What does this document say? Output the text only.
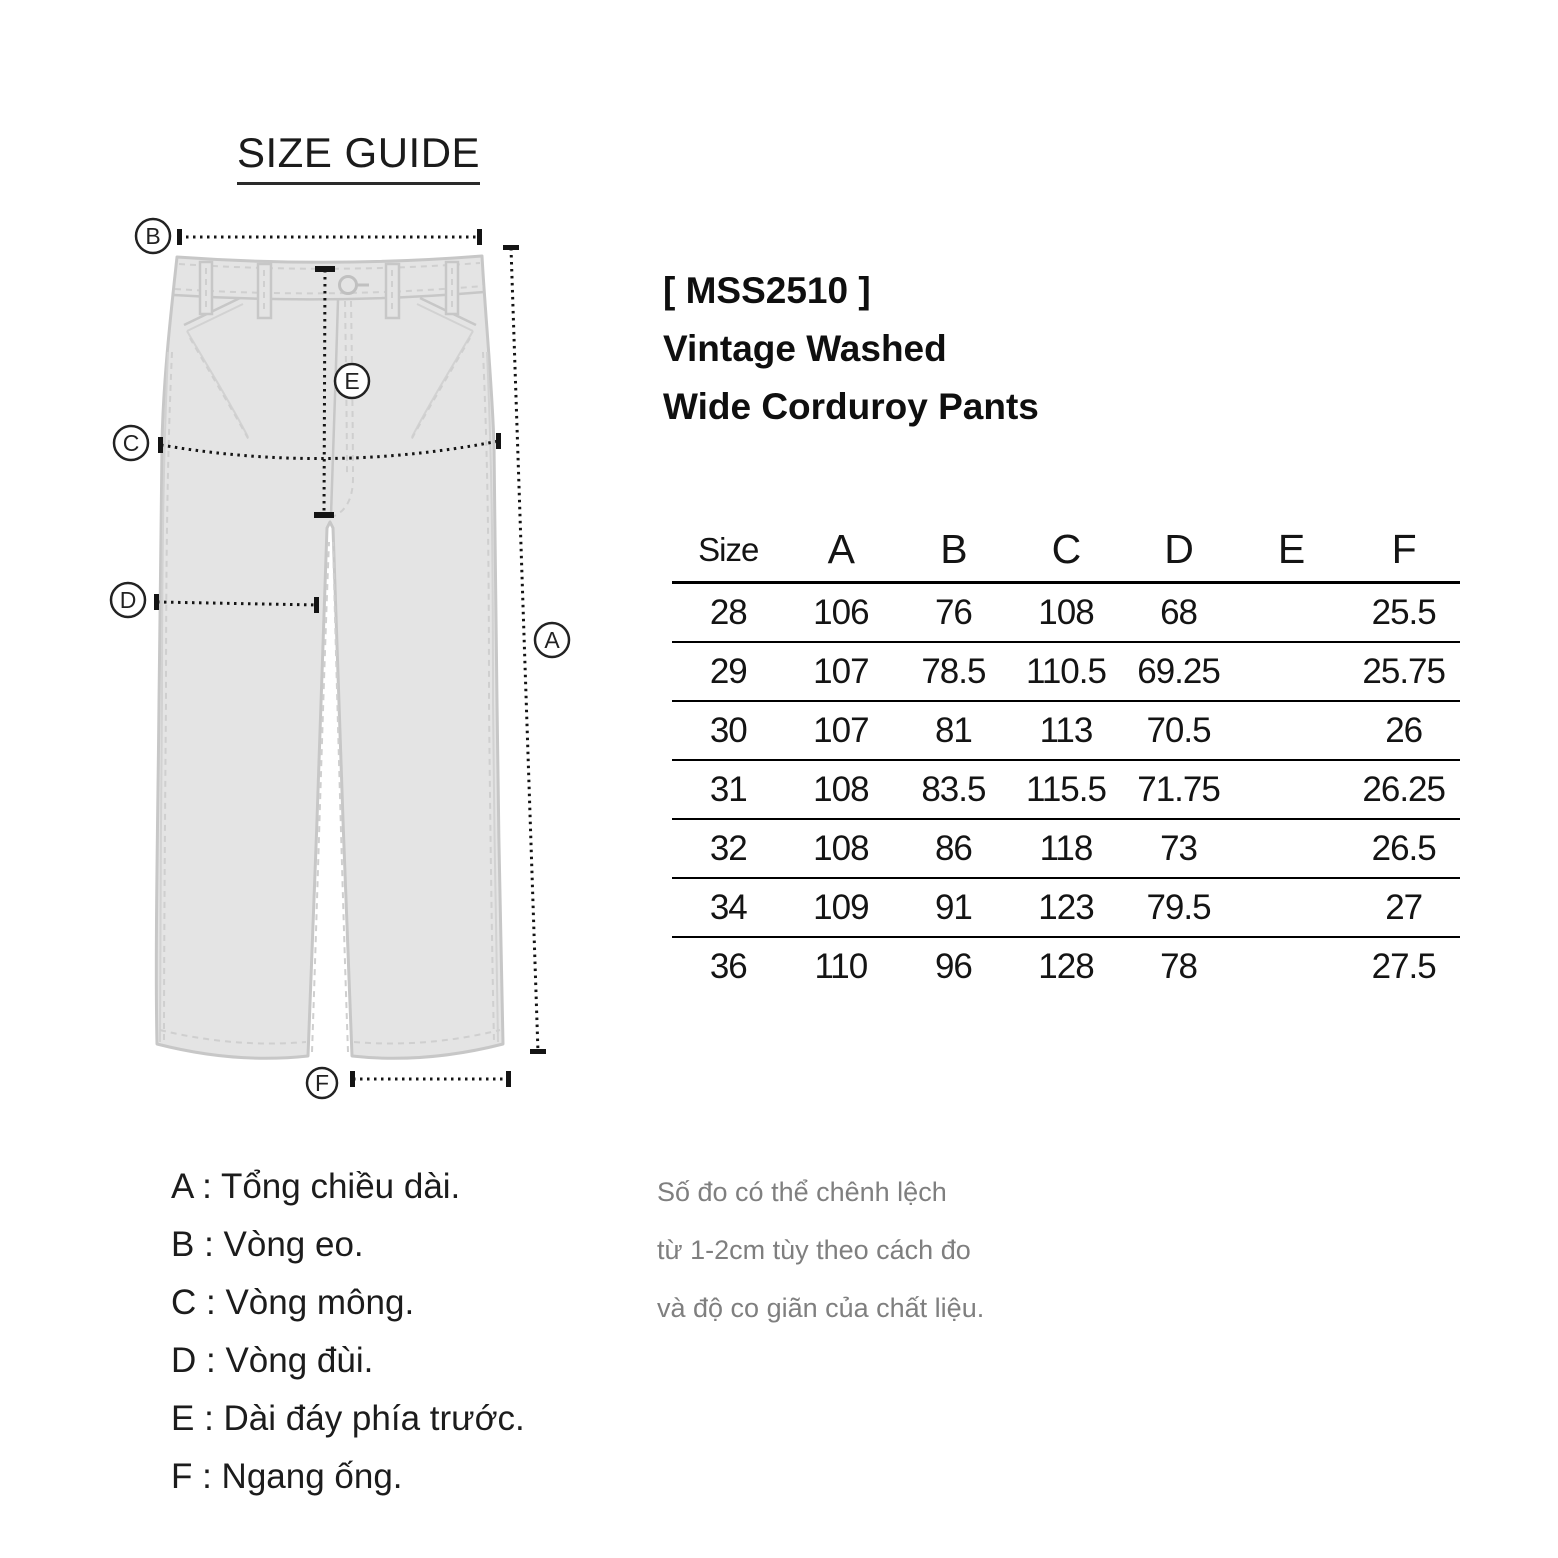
SIZE GUIDE
B
A
C
D
E
F
[ MSS2510 ]
Vintage Washed
Wide Corduroy Pants
Size	A	B	C	D	E	F
28	106	76	108	68		25.5
29	107	78.5	110.5	69.25		25.75
30	107	81	113	70.5		26
31	108	83.5	115.5	71.75		26.25
32	108	86	118	73		26.5
34	109	91	123	79.5		27
36	110	96	128	78		27.5
A : Tổng chiều dài.
B : Vòng eo.
C : Vòng mông.
D : Vòng đùi.
E : Dài đáy phía trước.
F : Ngang ống.
Số đo có thể chênh lệch
từ 1-2cm tùy theo cách đo
và độ co giãn của chất liệu.
